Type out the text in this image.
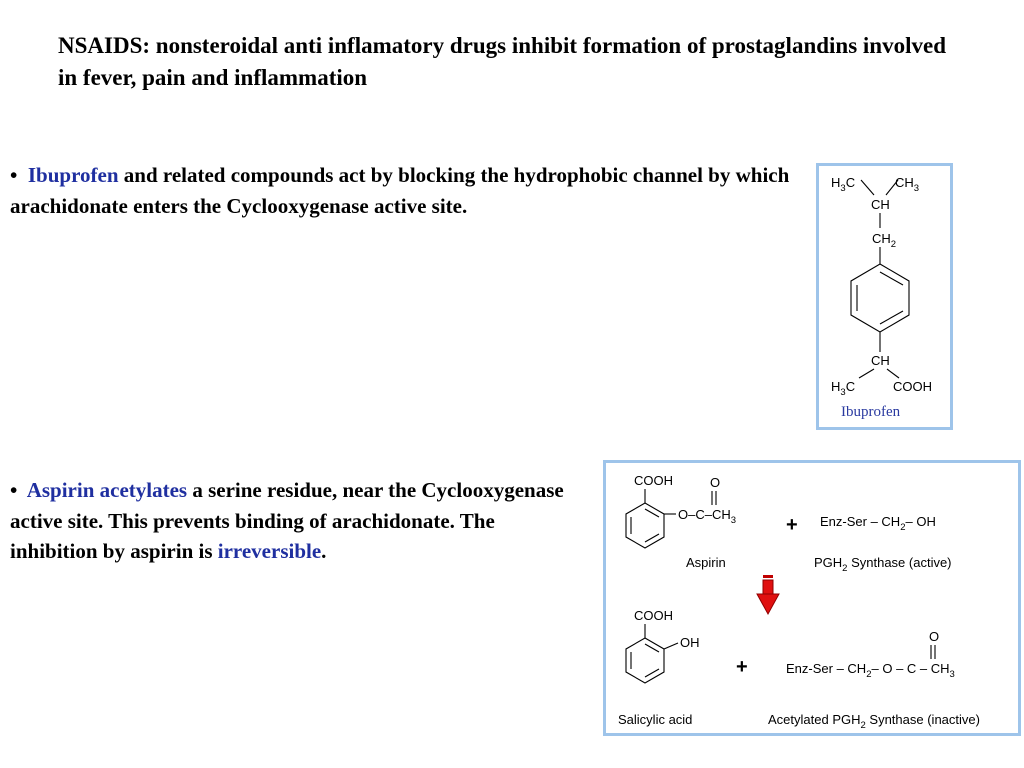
NSAIDS: nonsteroidal anti inflamatory drugs inhibit formation of prostaglandins involved in fever, pain and inflammation

• Ibuprofen and related compounds act by blocking the hydrophobic channel by which arachidonate enters the Cyclooxygenase active site.

• Aspirin acetylates a serine residue, near the Cyclooxygenase active site. This prevents binding of arachidonate. The inhibition by aspirin is irreversible.

$H_3C$	$CH_3$
CH
$CH_2$
CH
$H_3C$	COOH
Ibuprofen
COOH	O
$O-C-CH_3$
Aspirin
+ $Enz-Ser - CH_2-$ OH
$PGH_2$ Synthase (active)
COOH
OH
Salicylic acid
+
O
$Enz-Ser - CH_2-$ O – C – $CH_3$
Acetylated $PGH_2$ Synthase (inactive)
